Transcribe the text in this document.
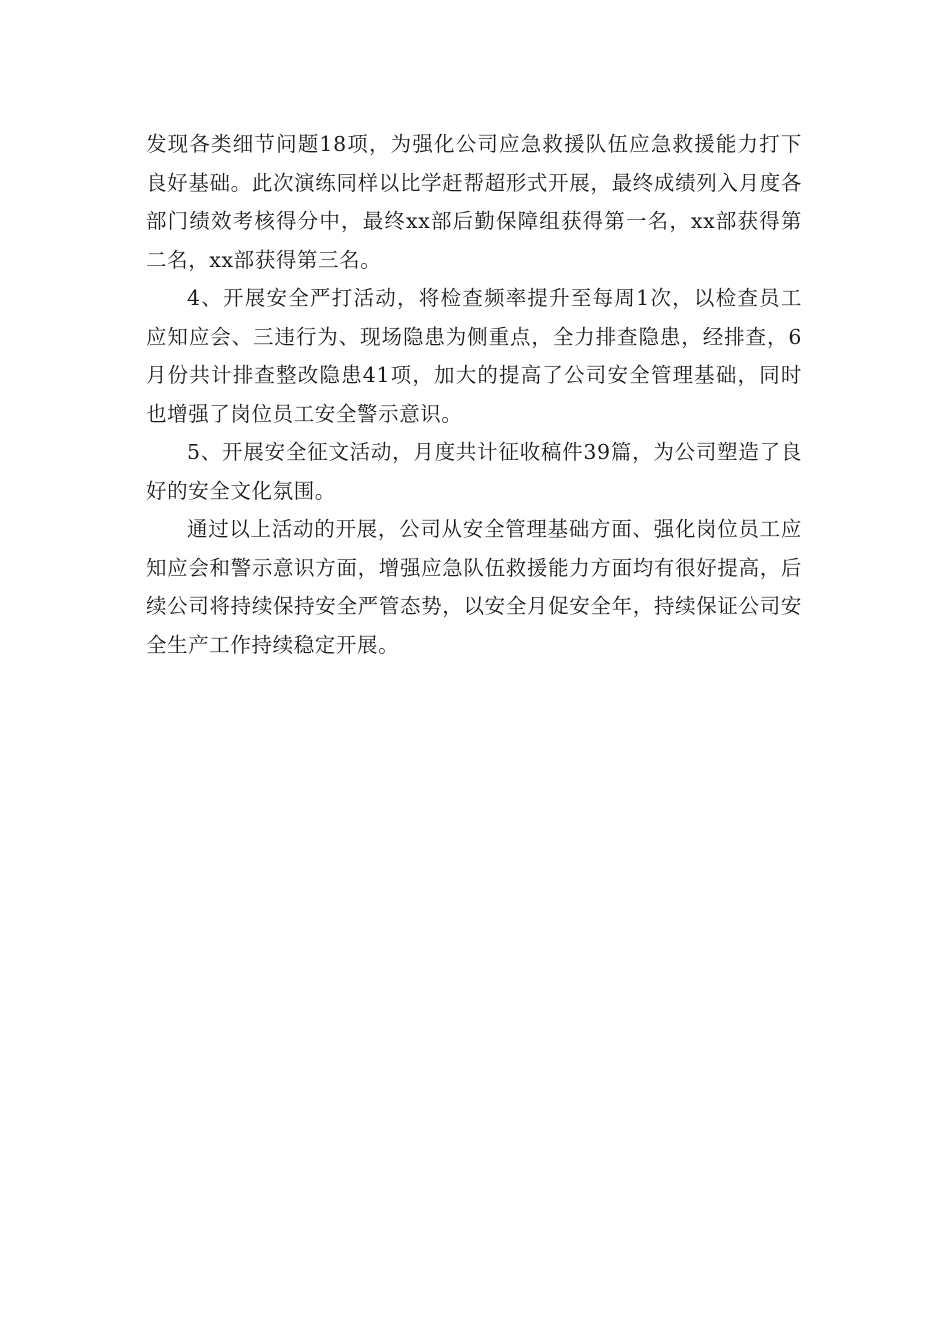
发现各类细节问题18项，为强化公司应急救援队伍应急救援能力打下良好基础。此次演练同样以比学赶帮超形式开展，最终成绩列入月度各部门绩效考核得分中，最终xx部后勤保障组获得第一名，xx部获得第二名，xx部获得第三名。

4、开展安全严打活动，将检查频率提升至每周1次，以检查员工应知应会、三违行为、现场隐患为侧重点，全力排查隐患，经排查，6月份共计排查整改隐患41项，加大的提高了公司安全管理基础，同时也增强了岗位员工安全警示意识。

5、开展安全征文活动，月度共计征收稿件39篇，为公司塑造了良好的安全文化氛围。

通过以上活动的开展，公司从安全管理基础方面、强化岗位员工应知应会和警示意识方面，增强应急队伍救援能力方面均有很好提高，后续公司将持续保持安全严管态势，以安全月促安全年，持续保证公司安全生产工作持续稳定开展。
